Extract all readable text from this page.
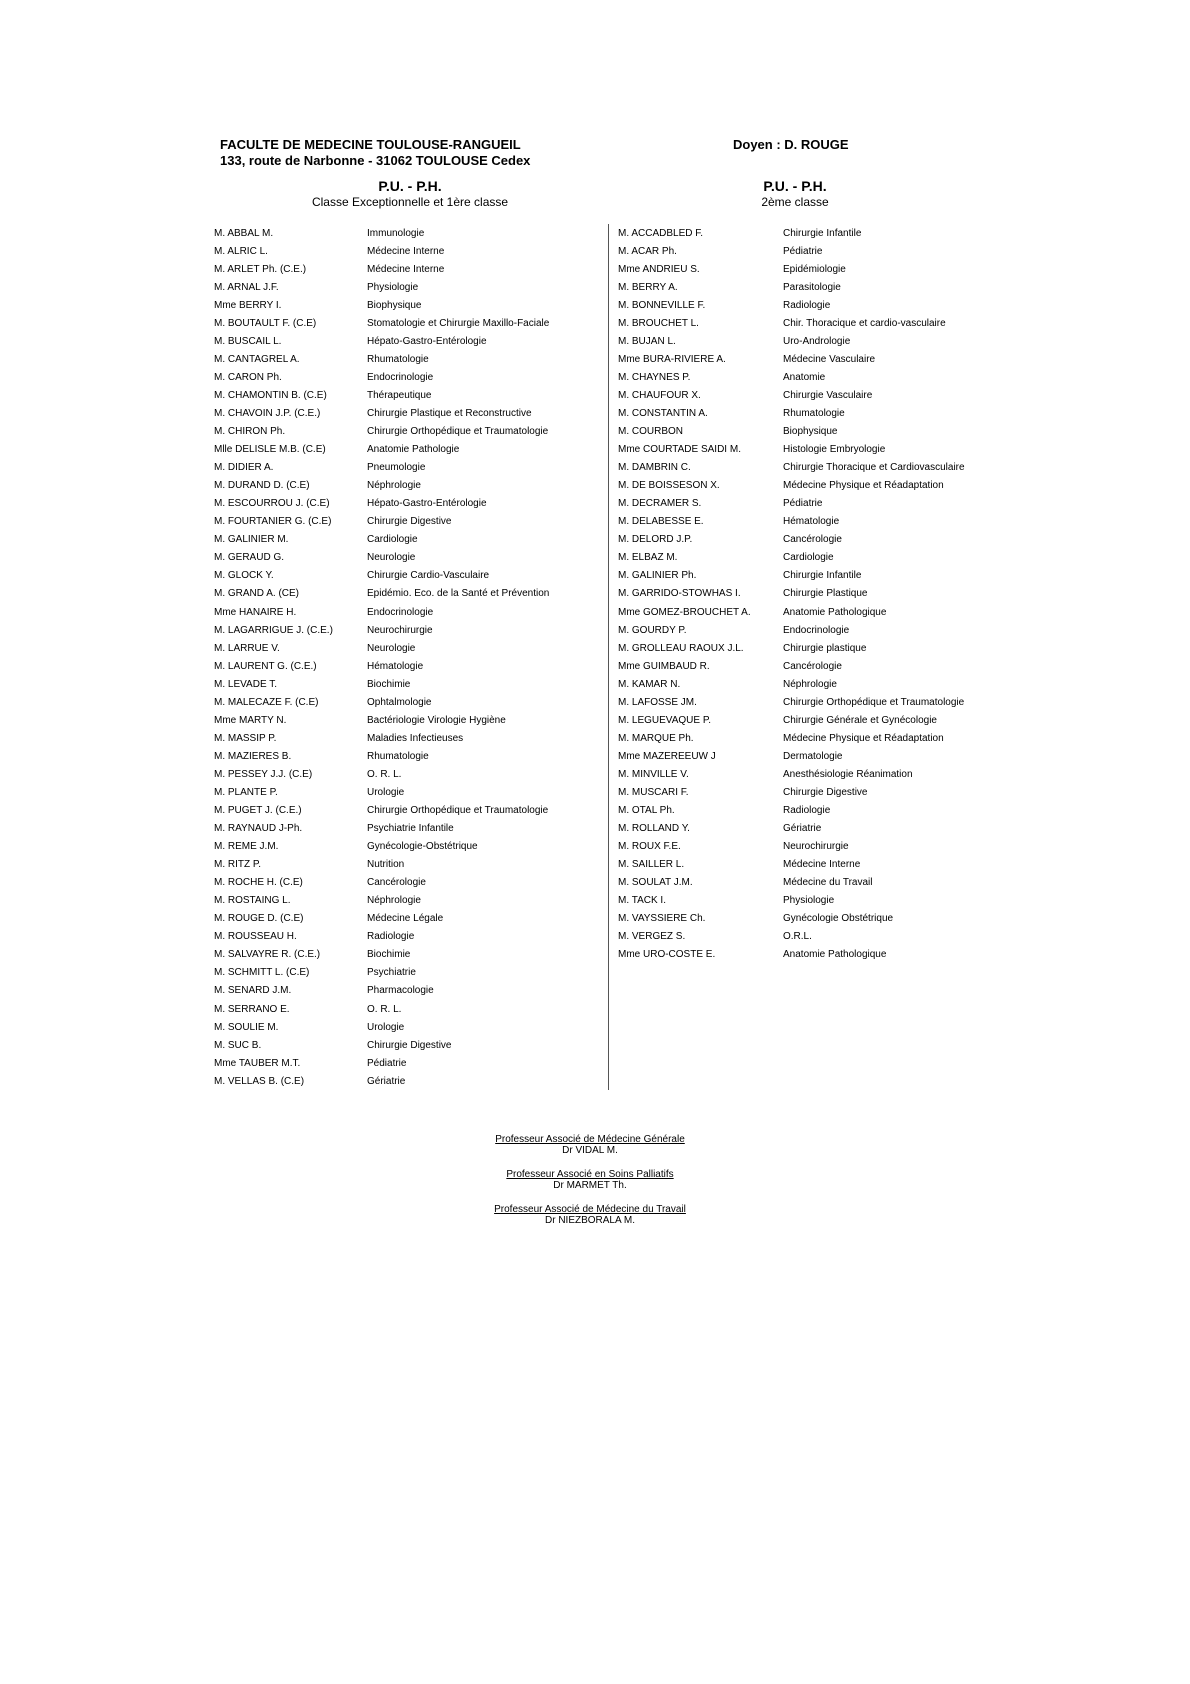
FACULTE DE MEDECINE TOULOUSE-RANGUEIL
133, route de Narbonne - 31062 TOULOUSE Cedex
Doyen : D. ROUGE
P.U. - P.H.
Classe Exceptionnelle et 1ère classe
P.U. - P.H.
2ème classe
M. ABBAL M.	Immunologie
M. ALRIC L.	Médecine Interne
M. ARLET Ph. (C.E.)	Médecine Interne
M. ARNAL J.F.	Physiologie
Mme BERRY I.	Biophysique
M. BOUTAULT F. (C.E)	Stomatologie et Chirurgie Maxillo-Faciale
M. BUSCAIL L.	Hépato-Gastro-Entérologie
M. CANTAGREL A.	Rhumatologie
M. CARON Ph.	Endocrinologie
M. CHAMONTIN B. (C.E)	Thérapeutique
M. CHAVOIN J.P. (C.E.)	Chirurgie Plastique et Reconstructive
M. CHIRON Ph.	Chirurgie Orthopédique et Traumatologie
Mlle DELISLE M.B. (C.E)	Anatomie Pathologie
M. DIDIER A.	Pneumologie
M. DURAND D. (C.E)	Néphrologie
M. ESCOURROU J. (C.E)	Hépato-Gastro-Entérologie
M. FOURTANIER G. (C.E)	Chirurgie Digestive
M. GALINIER M.	Cardiologie
M. GERAUD G.	Neurologie
M. GLOCK Y.	Chirurgie Cardio-Vasculaire
M. GRAND A. (CE)	Epidémio. Eco. de la Santé et Prévention
Mme HANAIRE H.	Endocrinologie
M. LAGARRIGUE J. (C.E.)	Neurochirurgie
M. LARRUE V.	Neurologie
M. LAURENT G. (C.E.)	Hématologie
M. LEVADE T.	Biochimie
M. MALECAZE F. (C.E)	Ophtalmologie
Mme MARTY N.	Bactériologie Virologie Hygiène
M. MASSIP P.	Maladies Infectieuses
M. MAZIERES B.	Rhumatologie
M. PESSEY J.J. (C.E)	O. R. L.
M. PLANTE P.	Urologie
M. PUGET J. (C.E.)	Chirurgie Orthopédique et Traumatologie
M. RAYNAUD J-Ph.	Psychiatrie Infantile
M. REME J.M.	Gynécologie-Obstétrique
M. RITZ P.	Nutrition
M. ROCHE H. (C.E)	Cancérologie
M. ROSTAING L.	Néphrologie
M. ROUGE D. (C.E)	Médecine Légale
M. ROUSSEAU H.	Radiologie
M. SALVAYRE R. (C.E.)	Biochimie
M. SCHMITT L. (C.E)	Psychiatrie
M. SENARD J.M.	Pharmacologie
M. SERRANO E.	O. R. L.
M. SOULIE M.	Urologie
M. SUC B.	Chirurgie Digestive
Mme TAUBER M.T.	Pédiatrie
M. VELLAS B. (C.E)	Gériatrie
M. ACCADBLED F.	Chirurgie Infantile
M. ACAR Ph.	Pédiatrie
Mme ANDRIEU S.	Epidémiologie
M. BERRY A.	Parasitologie
M. BONNEVILLE F.	Radiologie
M. BROUCHET L.	Chir. Thoracique et cardio-vasculaire
M. BUJAN L.	Uro-Andrologie
Mme BURA-RIVIERE A.	Médecine Vasculaire
M. CHAYNES P.	Anatomie
M. CHAUFOUR X.	Chirurgie Vasculaire
M. CONSTANTIN A.	Rhumatologie
M. COURBON	Biophysique
Mme COURTADE SAIDI M.	Histologie Embryologie
M. DAMBRIN C.	Chirurgie Thoracique et Cardiovasculaire
M. DE BOISSESON X.	Médecine Physique et Réadaptation
M. DECRAMER S.	Pédiatrie
M. DELABESSE E.	Hématologie
M. DELORD J.P.	Cancérologie
M. ELBAZ M.	Cardiologie
M. GALINIER Ph.	Chirurgie Infantile
M. GARRIDO-STOWHAS I.	Chirurgie Plastique
Mme GOMEZ-BROUCHET A.	Anatomie Pathologique
M. GOURDY P.	Endocrinologie
M. GROLLEAU RAOUX J.L.	Chirurgie plastique
Mme GUIMBAUD R.	Cancérologie
M. KAMAR N.	Néphrologie
M. LAFOSSE JM.	Chirurgie Orthopédique et Traumatologie
M. LEGUEVAQUE P.	Chirurgie Générale et Gynécologie
M. MARQUE Ph.	Médecine Physique et Réadaptation
Mme MAZEREEUW J	Dermatologie
M. MINVILLE V.	Anesthésiologie Réanimation
M. MUSCARI F.	Chirurgie Digestive
M. OTAL Ph.	Radiologie
M. ROLLAND Y.	Gériatrie
M. ROUX F.E.	Neurochirurgie
M. SAILLER L.	Médecine Interne
M. SOULAT J.M.	Médecine du Travail
M. TACK I.	Physiologie
M. VAYSSIERE Ch.	Gynécologie Obstétrique
M. VERGEZ S.	O.R.L.
Mme URO-COSTE E.	Anatomie Pathologique
Professeur Associé de Médecine Générale
Dr VIDAL M.
Professeur Associé en Soins Palliatifs
Dr MARMET Th.
Professeur Associé de Médecine du Travail
Dr NIEZBORALA M.
